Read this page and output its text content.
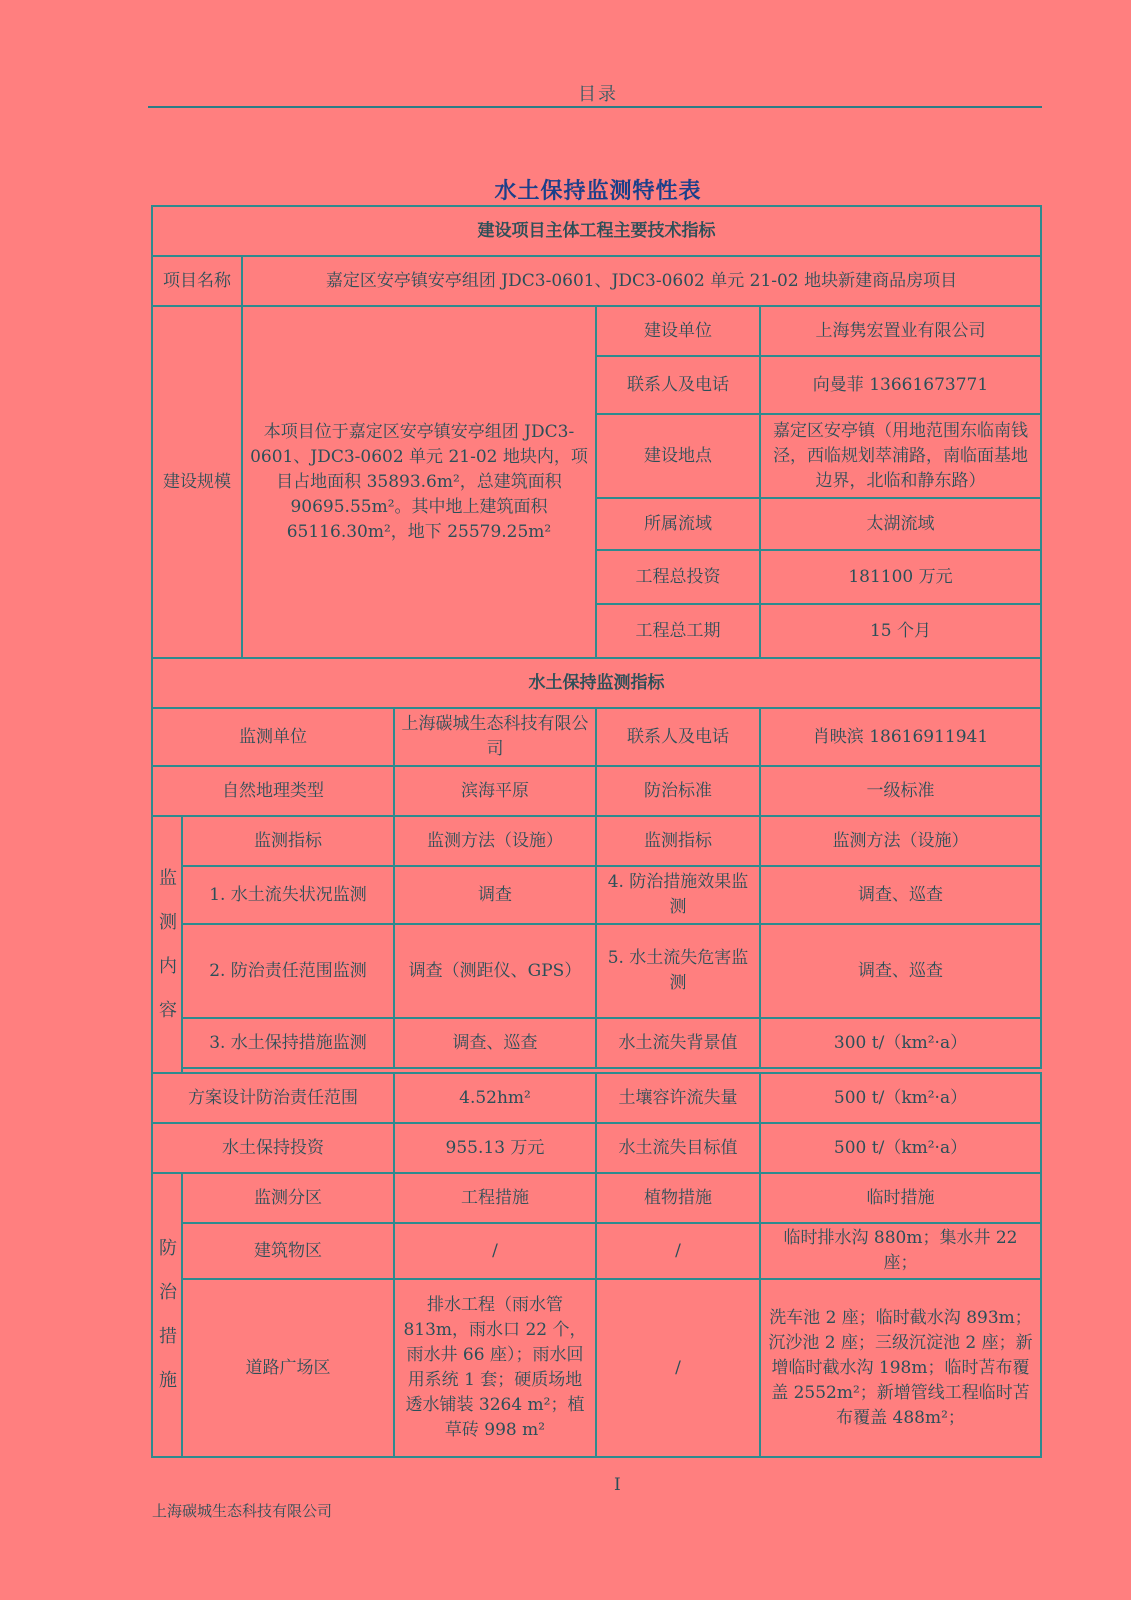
目录
水土保持监测特性表
建设项目主体工程主要技术指标					
项目名称		嘉定区安亭镇安亭组团 JDC3-0601、JDC3-0602 单元 21-02 地块新建商品房项目			
建设规模		本项目位于嘉定区安亭镇安亭组团 JDC3-0601、JDC3-0602 单元 21-02 地块内，项目占地面积 35893.6m²，总建筑面积 90695.55m²。其中地上建筑面积 65116.30m²，地下 25579.25m²		建设单位	上海隽宏置业有限公司
				联系人及电话	向曼菲 13661673771
				建设地点	嘉定区安亭镇（用地范围东临南钱泾，西临规划萃浦路，南临面基地边界，北临和静东路）
				所属流域	太湖流域
				工程总投资	181100 万元
				工程总工期	15 个月
水土保持监测指标					
监测单位			上海碳城生态科技有限公司	联系人及电话	肖映滨 18616911941
自然地理类型			滨海平原	防治标准	一级标准
监测内容	监测指标		监测方法（设施）	监测指标	监测方法（设施）
	1. 水土流失状况监测		调查	4. 防治措施效果监测	调查、巡查
	2. 防治责任范围监测		调查（测距仪、GPS）	5. 水土流失危害监测	调查、巡查
	3. 水土保持措施监测		调查、巡查	水土流失背景值	300 t/（km²·a）

方案设计防治责任范围			4.52hm²	土壤容许流失量	500 t/（km²·a）
水土保持投资			955.13 万元	水土流失目标值	500 t/（km²·a）
防治措施	监测分区		工程措施	植物措施	临时措施
	建筑物区		/	/	临时排水沟 880m；集水井 22 座；
	道路广场区		排水工程（雨水管 813m，雨水口 22 个，雨水井 66 座）；雨水回用系统 1 套；硬质场地透水铺装 3264 m²；植草砖 998 m²	/	洗车池 2 座；临时截水沟 893m；沉沙池 2 座；三级沉淀池 2 座；新增临时截水沟 198m；临时苫布覆盖 2552m²；新增管线工程临时苫布覆盖 488m²；
I
上海碳城生态科技有限公司
